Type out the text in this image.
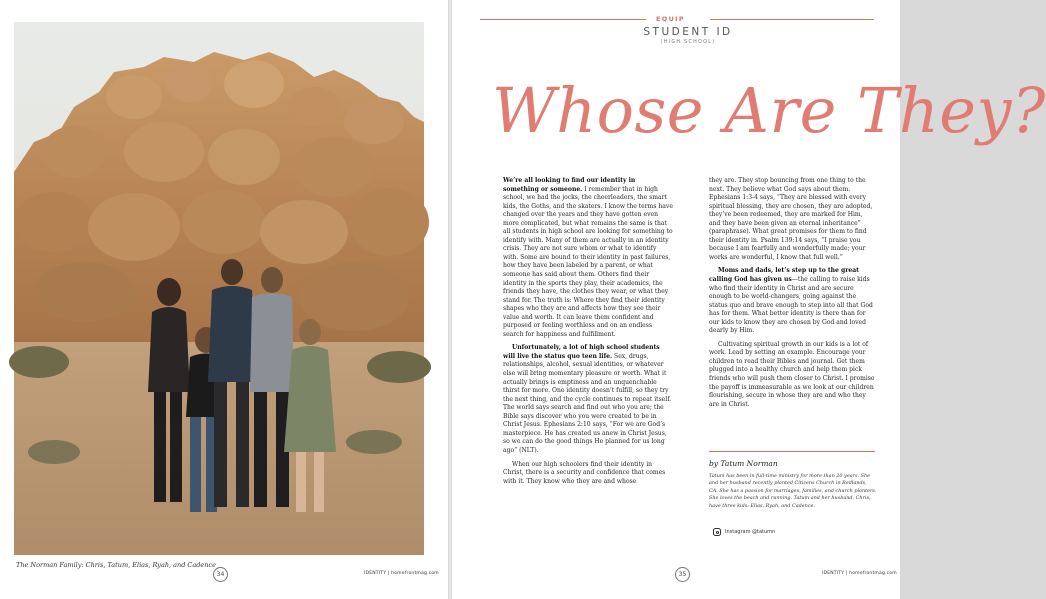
The Norman Family: Chris, Tatum, Elias, Ryah, and Cadence
34	IDENTITY | homefrontmag.com
EQUIP
STUDENT ID
(HIGH SCHOOL)
Whose Are They?

We’re all looking to find our identity in something or someone. I remember that in high school, we had the jocks, the cheerleaders, the smart kids, the Goths, and the skaters. I know the terms have changed over the years and they have gotten even more complicated, but what remains the same is that all students in high school are looking for something to identify with. Many of them are actually in an identity crisis. They are not sure whom or what to identify with. Some are bound to their identity in past failures, how they have been labeled by a parent, or what someone has said about them. Others find their identity in the sports they play, their academics, the friends they have, the clothes they wear, or what they stand for. The truth is: Where they find their identity shapes who they are and affects how they see their value and worth. It can leave them confident and purposed or feeling worthless and on an endless search for happiness and fulfillment.

Unfortunately, a lot of high school students will live the status quo teen life. Sex, drugs, relationships, alcohol, sexual identities, or whatever else will bring momentary pleasure or worth. What it actually brings is emptiness and an unquenchable thirst for more. One identity doesn’t fulfill, so they try the next thing, and the cycle continues to repeat itself. The world says search and find out who you are; the Bible says discover who you were created to be in Christ Jesus. Ephesians 2:10 says, “For we are God’s masterpiece. He has created us anew in Christ Jesus, so we can do the good things He planned for us long ago” (NLT).

When our high schoolers find their identity in Christ, there is a security and confidence that comes with it. They know who they are and whose

they are. They stop bouncing from one thing to the next. They believe what God says about them. Ephesians 1:3-4 says, “They are blessed with every spiritual blessing, they are chosen, they are adopted, they’ve been redeemed, they are marked for Him, and they have been given an eternal inheritance” (paraphrase). What great promises for them to find their identity in. Psalm 139:14 says, “I praise you because I am fearfully and wonderfully made; your works are wonderful, I know that full well.”

Moms and dads, let’s step up to the great calling God has given us—the calling to raise kids who find their identity in Christ and are secure enough to be world-changers, going against the status quo and brave enough to step into all that God has for them. What better identity is there than for our kids to know they are chosen by God and loved dearly by Him.

Cultivating spiritual growth in our kids is a lot of work. Lead by setting an example. Encourage your children to read their Bibles and journal. Get them plugged into a healthy church and help them pick friends who will push them closer to Christ. I promise the payoff is immeasurable as we look at our children flourishing, secure in whose they are and who they are in Christ.

by Tatum Norman
Tatum has been in full-time ministry for more than 20 years. She and her husband recently planted Citizens Church in Redlands, CA. She has a passion for marriages, families, and church planters. She loves the beach and running. Tatum and her husband, Chris, have three kids: Elias, Ryah, and Cadence.
Instagram @tatumn
35	IDENTITY | homefrontmag.com
